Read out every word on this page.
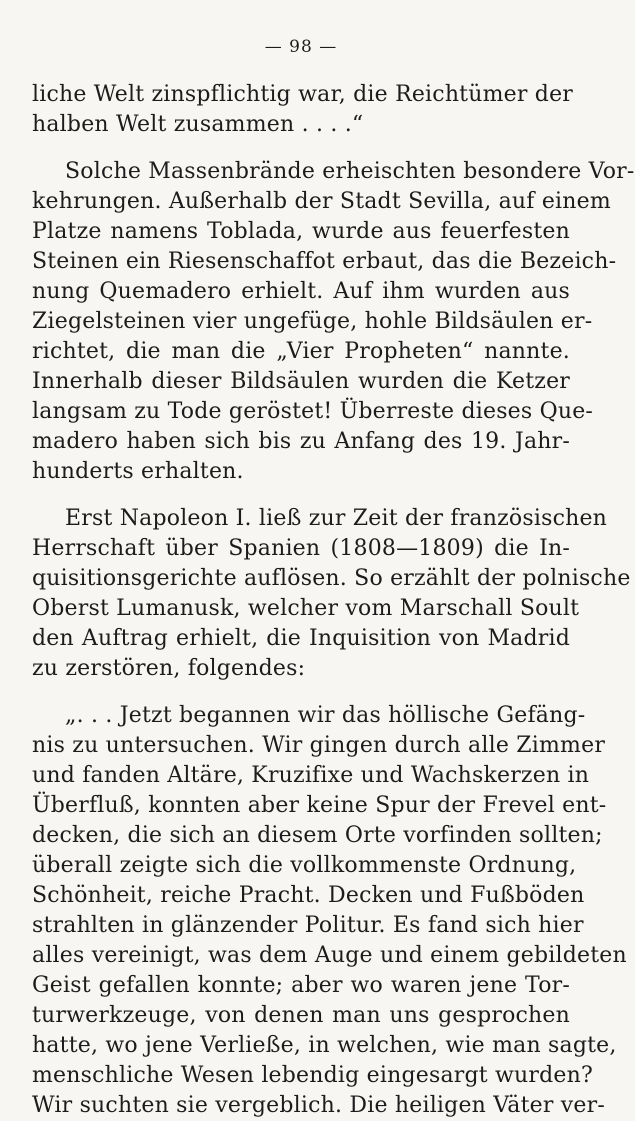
— 98 —
liche Welt zinspflichtig war, die Reichtümer der
halben Welt zusammen . . . .“
Solche Massenbrände erheischten besondere Vor-
kehrungen. Außerhalb der Stadt Sevilla, auf einem
Platze namens Toblada, wurde aus feuerfesten
Steinen ein Riesenschaffot erbaut, das die Bezeich-
nung Quemadero erhielt. Auf ihm wurden aus
Ziegelsteinen vier ungefüge, hohle Bildsäulen er-
richtet, die man die „Vier Propheten“ nannte.
Innerhalb dieser Bildsäulen wurden die Ketzer
langsam zu Tode geröstet! Überreste dieses Que-
madero haben sich bis zu Anfang des 19. Jahr-
hunderts erhalten.
Erst Napoleon I. ließ zur Zeit der französischen
Herrschaft über Spanien (1808—1809) die In-
quisitionsgerichte auflösen. So erzählt der polnische
Oberst Lumanusk, welcher vom Marschall Soult
den Auftrag erhielt, die Inquisition von Madrid
zu zerstören, folgendes:
„. . . Jetzt begannen wir das höllische Gefäng-
nis zu untersuchen. Wir gingen durch alle Zimmer
und fanden Altäre, Kruzifixe und Wachskerzen in
Überfluß, konnten aber keine Spur der Frevel ent-
decken, die sich an diesem Orte vorfinden sollten;
überall zeigte sich die vollkommenste Ordnung,
Schönheit, reiche Pracht. Decken und Fußböden
strahlten in glänzender Politur. Es fand sich hier
alles vereinigt, was dem Auge und einem gebildeten
Geist gefallen konnte; aber wo waren jene Tor-
turwerkzeuge, von denen man uns gesprochen
hatte, wo jene Verließe, in welchen, wie man sagte,
menschliche Wesen lebendig eingesargt wurden?
Wir suchten sie vergeblich. Die heiligen Väter ver-
